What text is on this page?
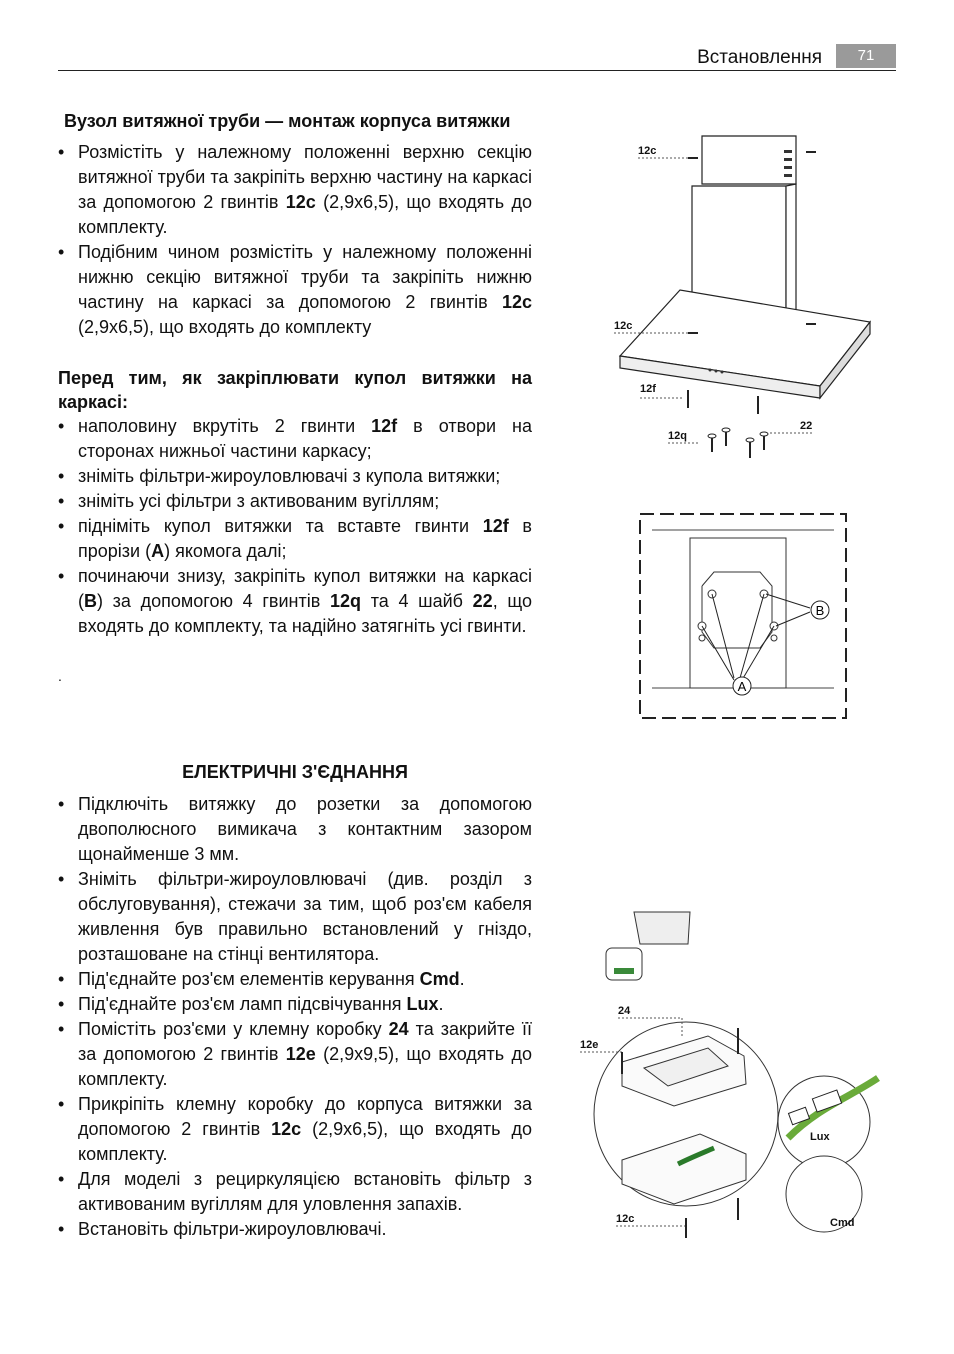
Встановлення	71
Вузол витяжної труби — монтаж корпуса витяжки
• Розмістіть у належному положенні верхню секцію витяжної труби та закріпіть верхню частину на каркасі за допомогою 2 гвинтів 12c (2,9x6,5), що входять до комплекту.
• Подібним чином розмістіть у належному положенні нижню секцію витяжної труби та закріпіть нижню частину на каркасі за допомогою 2 гвинтів 12c (2,9x6,5), що входять до комплекту
Перед тим, як закріплювати купол витяжки на каркасі:
• наполовину вкрутіть 2 гвинти 12f в отвори на сторонах нижньої частини каркасу;
• зніміть фільтри-жироуловлювачі з купола витяжки;
• зніміть усі фільтри з активованим вугіллям;
• підніміть купол витяжки та вставте гвинти 12f в прорізи (A) якомога далі;
• починаючи знизу, закріпіть купол витяжки на каркасі (B) за допомогою 4 гвинтів 12q та 4 шайб 22, що входять до комплекту, та надійно затягніть усі гвинти.
.
ЕЛЕКТРИЧНІ З'ЄДНАННЯ
• Підключіть витяжку до розетки за допомогою двополюсного вимикача з контактним зазором щонайменше 3 мм.
• Зніміть фільтри-жироуловлювачі (див. розділ з обслуговування), стежачи за тим, щоб роз'єм кабеля живлення був правильно встановлений у гніздо, розташоване на стінці вентилятора.
• Під'єднайте роз'єм елементів керування Cmd.
• Під'єднайте роз'єм ламп підсвічування Lux.
• Помістіть роз'єми у клемну коробку 24 та закрийте її за допомогою 2 гвинтів 12e (2,9x9,5), що входять до комплекту.
• Прикріпіть клемну коробку до корпуса витяжки за допомогою 2 гвинтів 12c (2,9x6,5), що входять до комплекту.
• Для моделі з рециркуляцією встановіть фільтр з активованим вугіллям для уловлення запахів.
• Встановіть фільтри-жироуловлювачі.
12c
12c
12f
12q
22
B
A
24
12e
12c
Lux
Cmd
